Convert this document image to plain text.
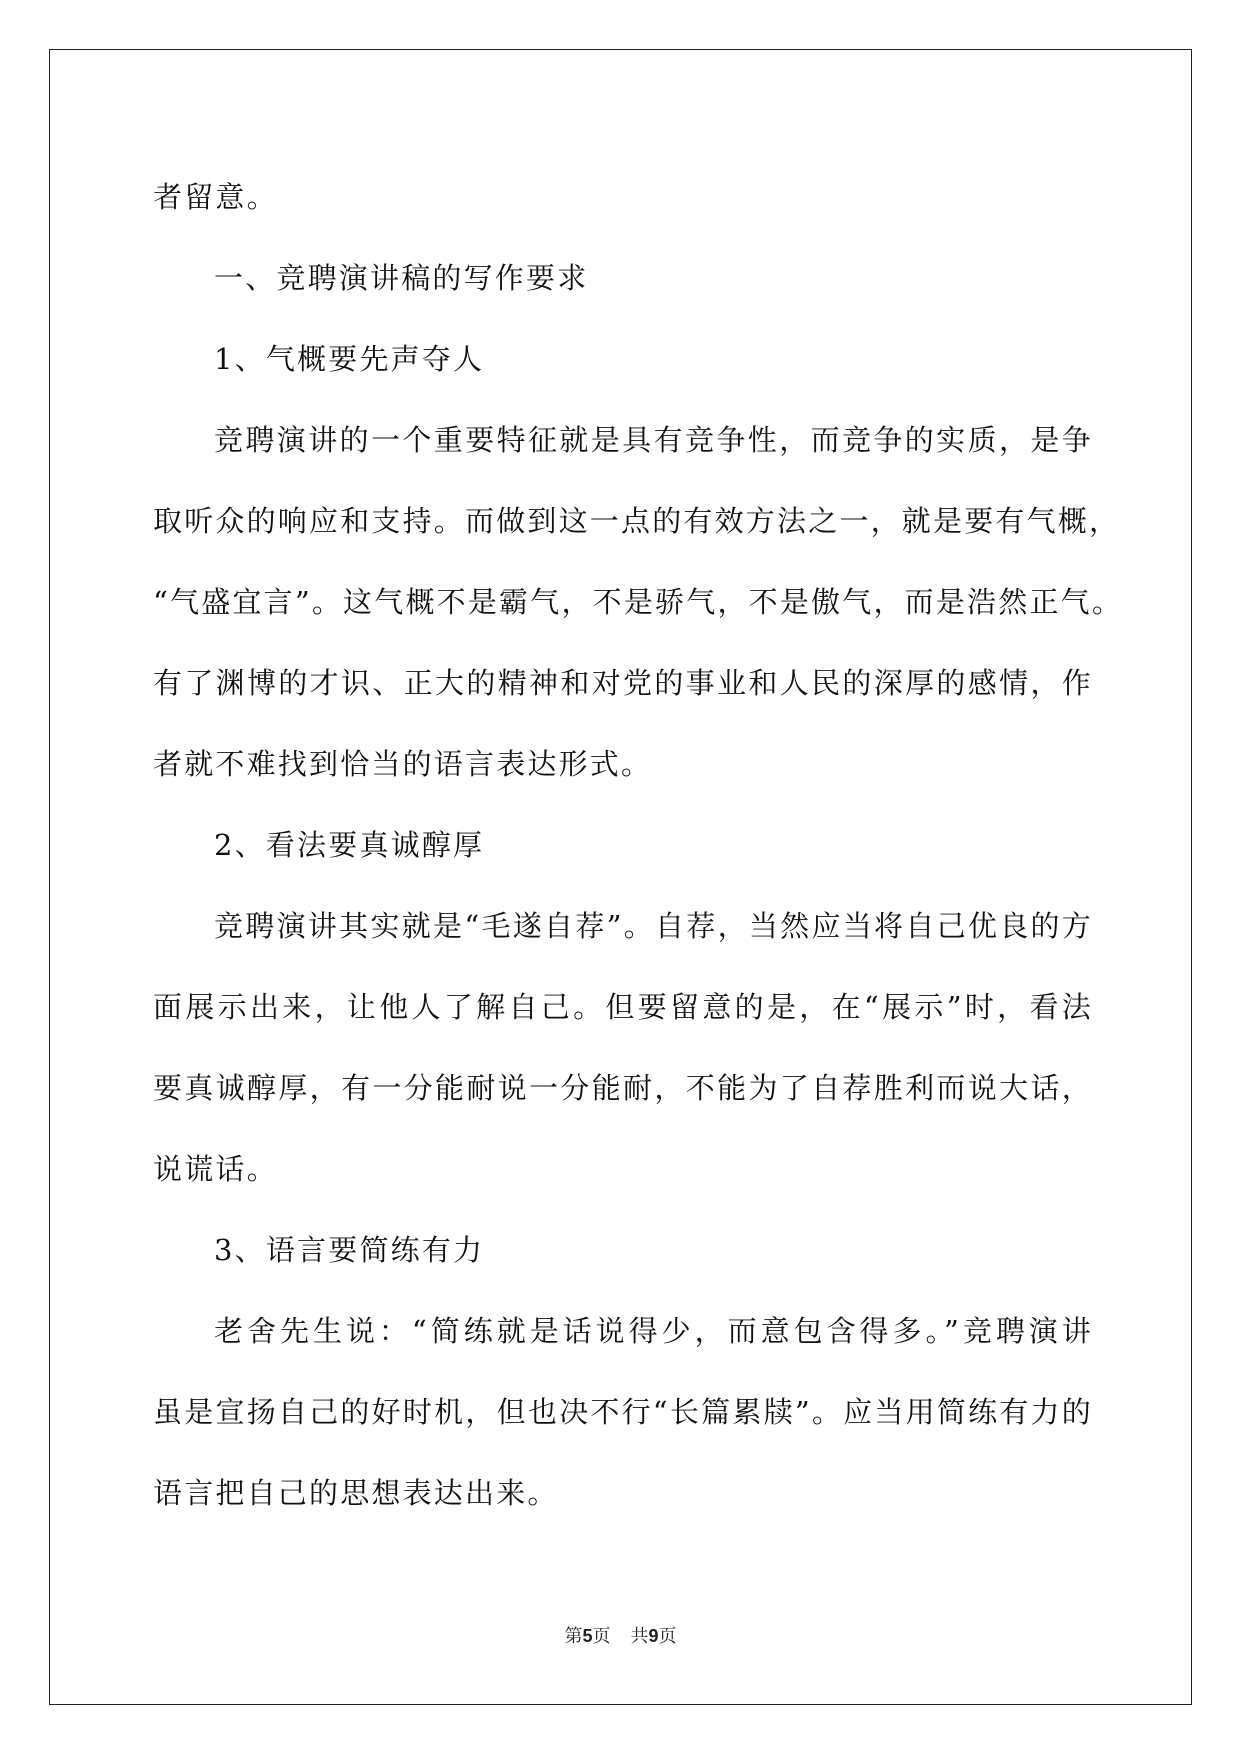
者留意。
一、竞聘演讲稿的写作要求
1、气概要先声夺人
竞聘演讲的一个重要特征就是具有竞争性，而竞争的实质，是争
取听众的响应和支持。而做到这一点的有效方法之一，就是要有气概，
“气盛宜言”。这气概不是霸气，不是骄气，不是傲气，而是浩然正气。
有了渊博的才识、正大的精神和对党的事业和人民的深厚的感情，作
者就不难找到恰当的语言表达形式。
2、看法要真诚醇厚
竞聘演讲其实就是“毛遂自荐”。自荐，当然应当将自己优良的方
面展示出来，让他人了解自己。但要留意的是，在“展示”时，看法
要真诚醇厚，有一分能耐说一分能耐，不能为了自荐胜利而说大话，
说谎话。
3、语言要简练有力
老舍先生说：“简练就是话说得少，而意包含得多。”竞聘演讲
虽是宣扬自己的好时机，但也决不行“长篇累牍”。应当用简练有力的
语言把自己的思想表达出来。
第5页 共9页
